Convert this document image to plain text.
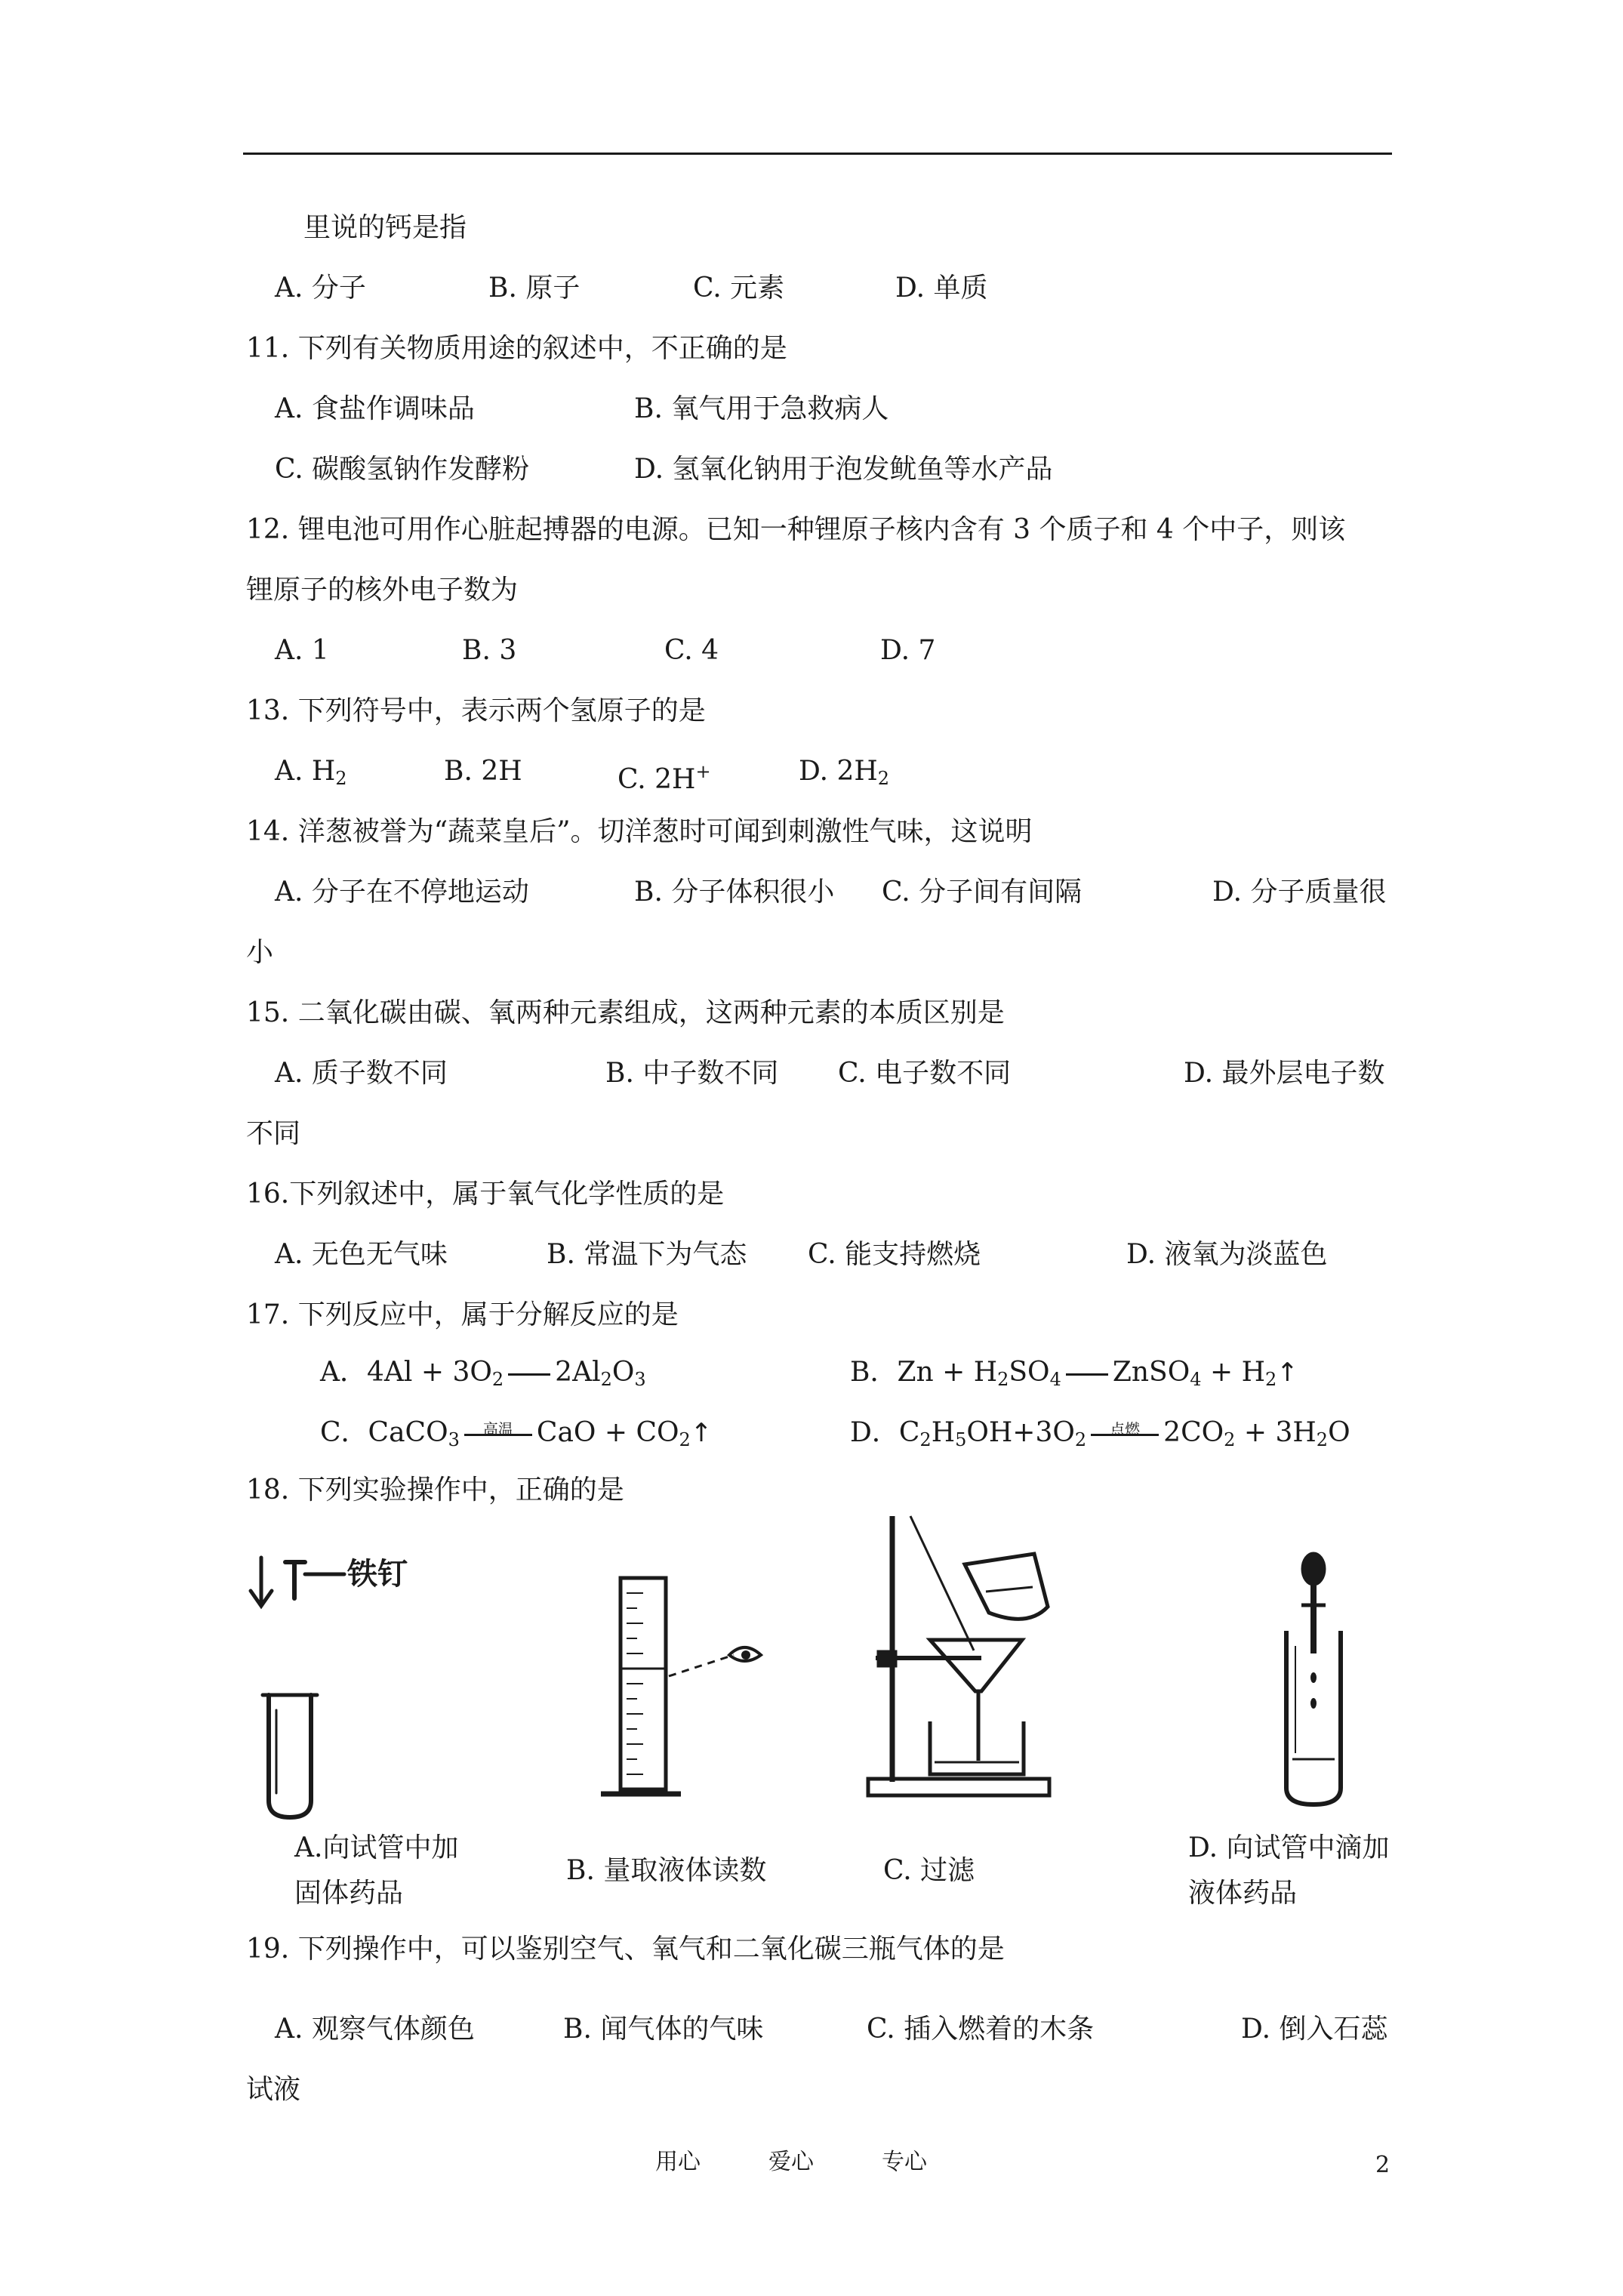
里说的钙是指
A. 分子	B. 原子	C. 元素	D. 单质
11. 下列有关物质用途的叙述中，不正确的是
A. 食盐作调味品	B. 氧气用于急救病人
C. 碳酸氢钠作发酵粉	D. 氢氧化钠用于泡发鱿鱼等水产品
12. 锂电池可用作心脏起搏器的电源。已知一种锂原子核内含有 3 个质子和 4 个中子，则该
锂原子的核外电子数为
A. 1	B. 3	C. 4	D. 7
13. 下列符号中，表示两个氢原子的是
A. H2	B. 2H	C. 2H+	D. 2H2
14. 洋葱被誉为“蔬菜皇后”。切洋葱时可闻到刺激性气味，这说明
A. 分子在不停地运动	B. 分子体积很小 C. 分子间有间隔	D. 分子质量很
小
15. 二氧化碳由碳、氧两种元素组成，这两种元素的本质区别是
A. 质子数不同	B. 中子数不同 C. 电子数不同	D. 最外层电子数
不同
16.下列叙述中，属于氧气化学性质的是
A. 无色无气味	B. 常温下为气态 C. 能支持燃烧	D. 液氧为淡蓝色
17. 下列反应中，属于分解反应的是
A．4Al + 3O2 2Al2O3	B．Zn + H2SO4 ZnSO4 + H2↑
C．CaCO3
高温 CaO + CO2↑	D．C2H5OH+3O2
点燃 2CO2 + 3H2O
18. 下列实验操作中，正确的是
铁钉
A.向试管中加
固体药品
B. 量取液体读数	C. 过滤
D. 向试管中滴加
液体药品
19. 下列操作中，可以鉴别空气、氧气和二氧化碳三瓶气体的是
A. 观察气体颜色	B. 闻气体的气味	C. 插入燃着的木条	D. 倒入石蕊
试液
用心	爱心	专心	2
